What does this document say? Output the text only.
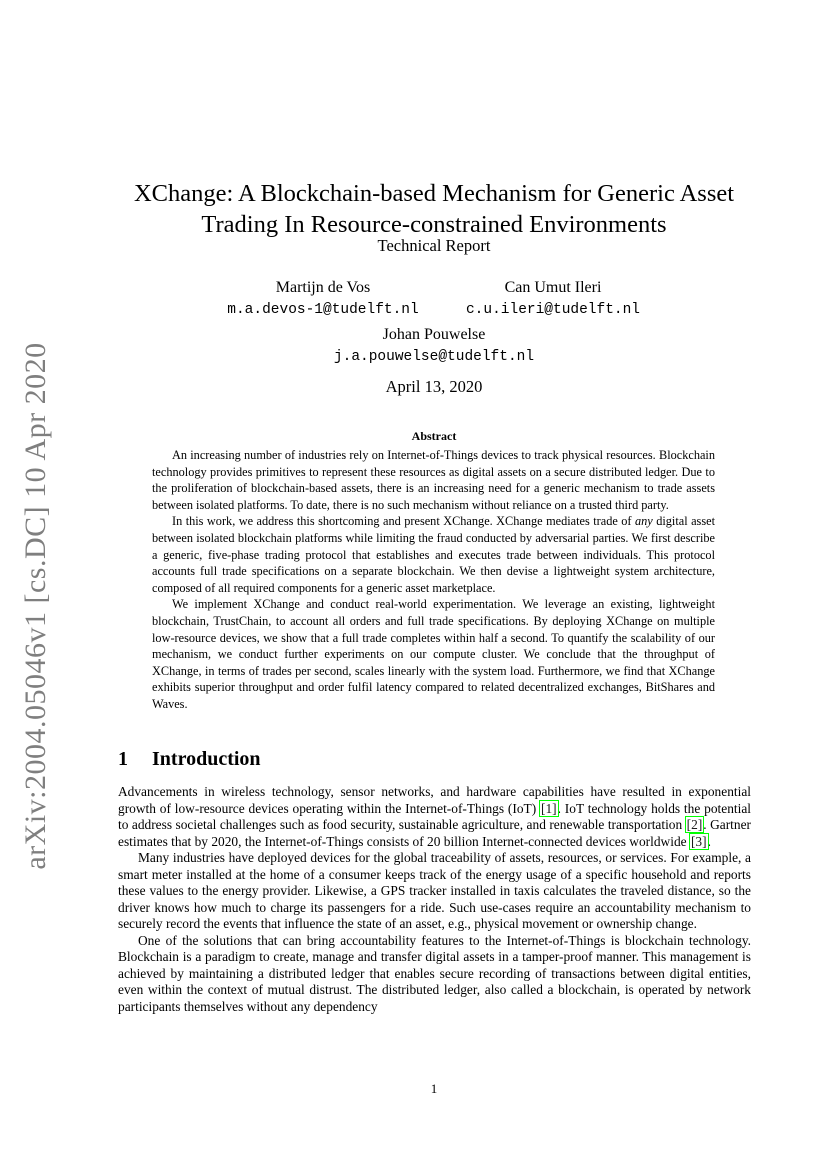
arXiv:2004.05046v1 [cs.DC] 10 Apr 2020
XChange: A Blockchain-based Mechanism for Generic Asset
Trading In Resource-constrained Environments
Technical Report
Martijn de Vos
m.a.devos-1@tudelft.nl
Can Umut Ileri
c.u.ileri@tudelft.nl
Johan Pouwelse
j.a.pouwelse@tudelft.nl
April 13, 2020
Abstract

An increasing number of industries rely on Internet-of-Things devices to track physical resources. Blockchain technology provides primitives to represent these resources as digital assets on a secure distributed ledger. Due to the proliferation of blockchain-based assets, there is an increasing need for a generic mechanism to trade assets between isolated platforms. To date, there is no such mechanism without reliance on a trusted third party.

In this work, we address this shortcoming and present XChange. XChange mediates trade of any digital asset between isolated blockchain platforms while limiting the fraud conducted by adversarial parties. We first describe a generic, five-phase trading protocol that establishes and executes trade between individuals. This protocol accounts full trade specifications on a separate blockchain. We then devise a lightweight system architecture, composed of all required components for a generic asset marketplace.

We implement XChange and conduct real-world experimentation. We leverage an existing, lightweight blockchain, TrustChain, to account all orders and full trade specifications. By deploying XChange on multiple low-resource devices, we show that a full trade completes within half a second. To quantify the scalability of our mechanism, we conduct further experiments on our compute cluster. We conclude that the throughput of XChange, in terms of trades per second, scales linearly with the system load. Furthermore, we find that XChange exhibits superior throughput and order fulfil latency compared to related decentralized exchanges, BitShares and Waves.

1 Introduction

Advancements in wireless technology, sensor networks, and hardware capabilities have resulted in exponential growth of low-resource devices operating within the Internet-of-Things (IoT) [1]. IoT technology holds the potential to address societal challenges such as food security, sustainable agriculture, and renewable transportation [2]. Gartner estimates that by 2020, the Internet-of-Things consists of 20 billion Internet-connected devices worldwide [3].

Many industries have deployed devices for the global traceability of assets, resources, or services. For example, a smart meter installed at the home of a consumer keeps track of the energy usage of a specific household and reports these values to the energy provider. Likewise, a GPS tracker installed in taxis calculates the traveled distance, so the driver knows how much to charge its passengers for a ride. Such use-cases require an accountability mechanism to securely record the events that influence the state of an asset, e.g., physical movement or ownership change.

One of the solutions that can bring accountability features to the Internet-of-Things is blockchain technology. Blockchain is a paradigm to create, manage and transfer digital assets in a tamper-proof manner. This management is achieved by maintaining a distributed ledger that enables secure recording of transactions between digital entities, even within the context of mutual distrust. The distributed ledger, also called a blockchain, is operated by network participants themselves without any dependency

1
